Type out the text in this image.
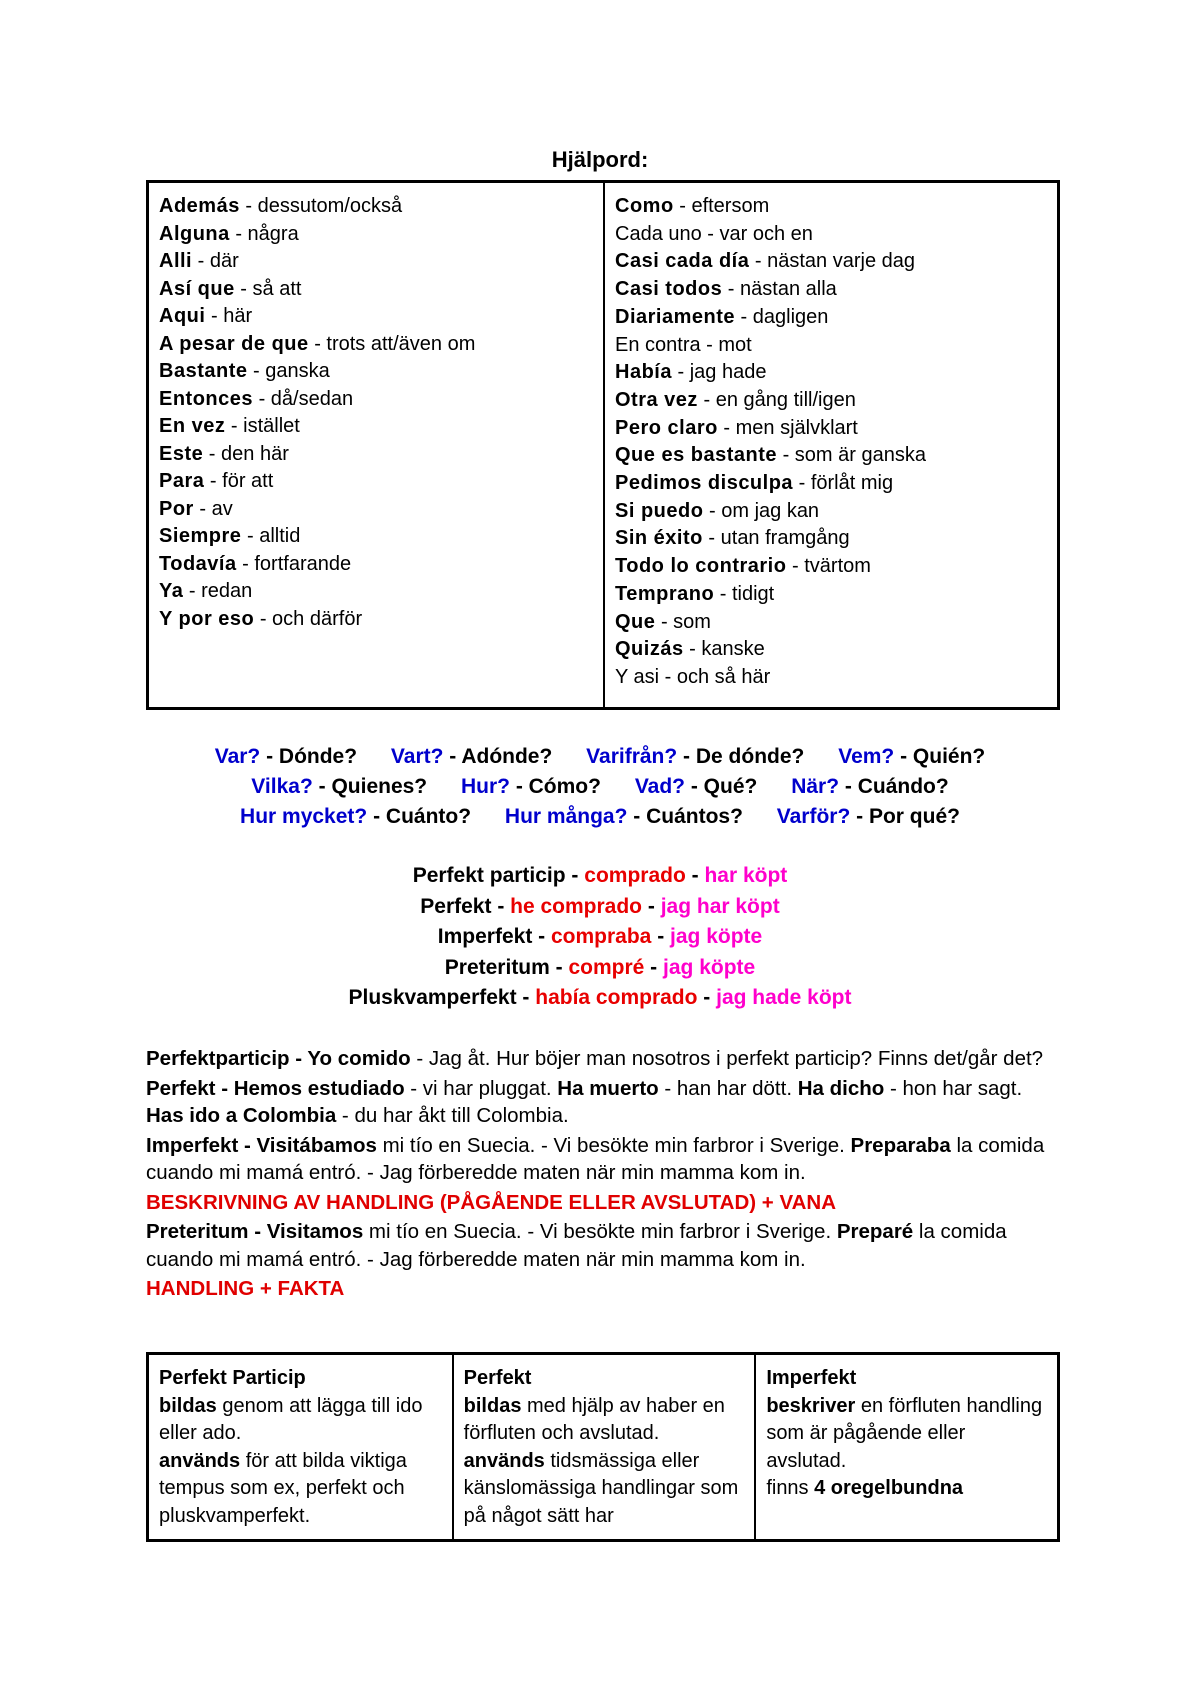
Hjälpord:
Además - dessutom/också
Alguna - några
Alli - där
Así que - så att
Aqui - här
A pesar de que - trots att/även om
Bastante - ganska
Entonces - då/sedan
En vez - istället
Este - den här
Para - för att
Por - av
Siempre - alltid
Todavía - fortfarande
Ya - redan
Y por eso - och därför
Como - eftersom
Cada uno - var och en
Casi cada día - nästan varje dag
Casi todos - nästan alla
Diariamente - dagligen
En contra - mot
Había - jag hade
Otra vez - en gång till/igen
Pero claro - men självklart
Que es bastante - som är ganska
Pedimos disculpa - förlåt mig
Si puedo - om jag kan
Sin éxito - utan framgång
Todo lo contrario - tvärtom
Temprano - tidigt
Que - som
Quizás - kanske
Y asi - och så här
Var? - Dónde? Vart? - Adónde? Varifrån? - De dónde? Vem? - Quién?
Vilka? - Quienes? Hur? - Cómo? Vad? - Qué? När? - Cuándo?
Hur mycket? - Cuánto? Hur många? - Cuántos? Varför? - Por qué?
Perfekt particip - comprado - har köpt
Perfekt - he comprado - jag har köpt
Imperfekt - compraba - jag köpte
Preteritum - compré - jag köpte
Pluskvamperfekt - había comprado - jag hade köpt

Perfektparticip - Yo comido - Jag åt. Hur böjer man nosotros i perfekt particip? Finns det/går det?

Perfekt - Hemos estudiado - vi har pluggat. Ha muerto - han har dött. Ha dicho - hon har sagt. Has ido a Colombia - du har åkt till Colombia.

Imperfekt - Visitábamos mi tío en Suecia. - Vi besökte min farbror i Sverige. Preparaba la comida cuando mi mamá entró. - Jag förberedde maten när min mamma kom in.

BESKRIVNING AV HANDLING (PÅGÅENDE ELLER AVSLUTAD) + VANA

Preteritum - Visitamos mi tío en Suecia. - Vi besökte min farbror i Sverige. Preparé la comida cuando mi mamá entró. - Jag förberedde maten när min mamma kom in.

HANDLING + FAKTA

Perfekt Particip
bildas genom att lägga till ido eller ado.
används för att bilda viktiga tempus som ex, perfekt och pluskvamperfekt.
Perfekt
bildas med hjälp av haber en förfluten och avslutad.
används tidsmässiga eller känslomässiga handlingar som på något sätt har
Imperfekt
beskriver en förfluten handling som är pågående eller avslutad.
finns 4 oregelbundna
